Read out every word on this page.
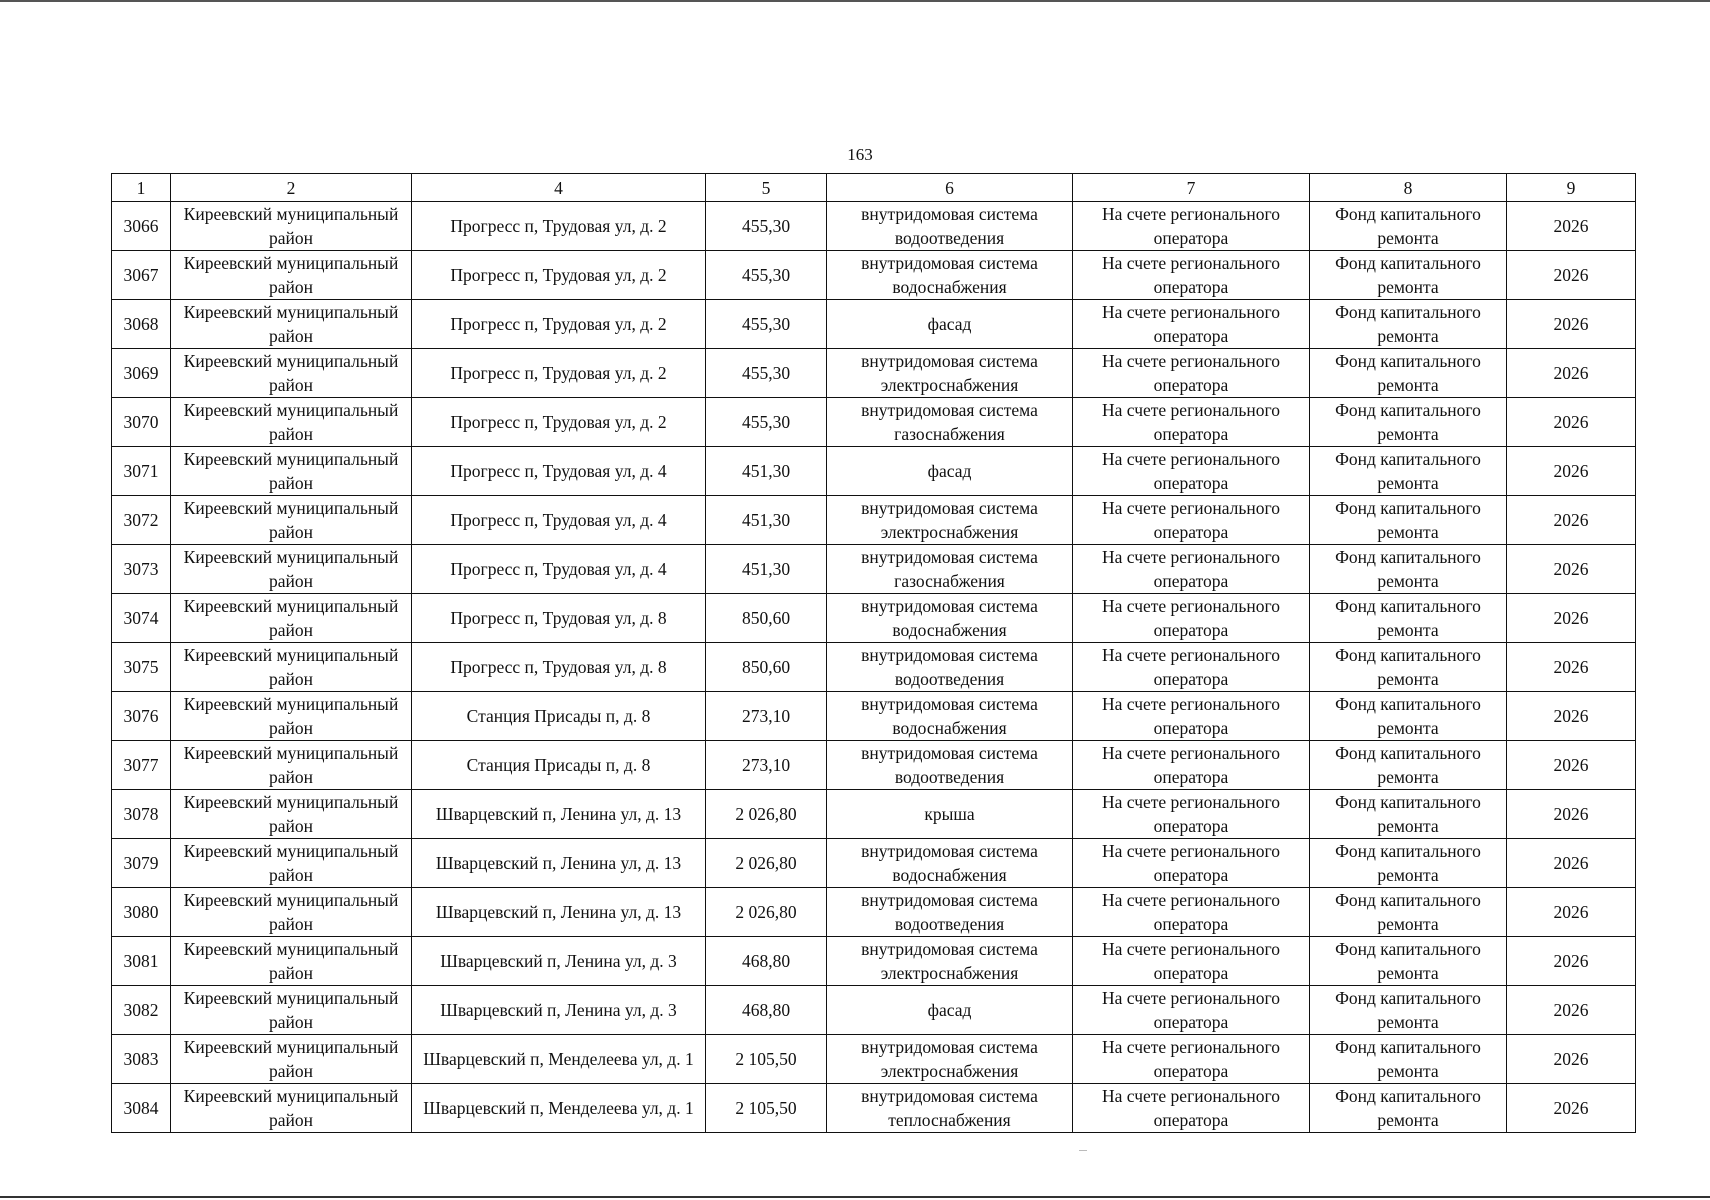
163
1	2	4	5	6	7	8	9
3066	Киреевский муниципальный район	Прогресс п, Трудовая ул, д. 2	455,30	внутридомовая система водоотведения	На счете регионального оператора	Фонд капитального ремонта	2026
3067	Киреевский муниципальный район	Прогресс п, Трудовая ул, д. 2	455,30	внутридомовая система водоснабжения	На счете регионального оператора	Фонд капитального ремонта	2026
3068	Киреевский муниципальный район	Прогресс п, Трудовая ул, д. 2	455,30	фасад	На счете регионального оператора	Фонд капитального ремонта	2026
3069	Киреевский муниципальный район	Прогресс п, Трудовая ул, д. 2	455,30	внутридомовая система электроснабжения	На счете регионального оператора	Фонд капитального ремонта	2026
3070	Киреевский муниципальный район	Прогресс п, Трудовая ул, д. 2	455,30	внутридомовая система газоснабжения	На счете регионального оператора	Фонд капитального ремонта	2026
3071	Киреевский муниципальный район	Прогресс п, Трудовая ул, д. 4	451,30	фасад	На счете регионального оператора	Фонд капитального ремонта	2026
3072	Киреевский муниципальный район	Прогресс п, Трудовая ул, д. 4	451,30	внутридомовая система электроснабжения	На счете регионального оператора	Фонд капитального ремонта	2026
3073	Киреевский муниципальный район	Прогресс п, Трудовая ул, д. 4	451,30	внутридомовая система газоснабжения	На счете регионального оператора	Фонд капитального ремонта	2026
3074	Киреевский муниципальный район	Прогресс п, Трудовая ул, д. 8	850,60	внутридомовая система водоснабжения	На счете регионального оператора	Фонд капитального ремонта	2026
3075	Киреевский муниципальный район	Прогресс п, Трудовая ул, д. 8	850,60	внутридомовая система водоотведения	На счете регионального оператора	Фонд капитального ремонта	2026
3076	Киреевский муниципальный район	Станция Присады п, д. 8	273,10	внутридомовая система водоснабжения	На счете регионального оператора	Фонд капитального ремонта	2026
3077	Киреевский муниципальный район	Станция Присады п, д. 8	273,10	внутридомовая система водоотведения	На счете регионального оператора	Фонд капитального ремонта	2026
3078	Киреевский муниципальный район	Шварцевский п, Ленина ул, д. 13	2 026,80	крыша	На счете регионального оператора	Фонд капитального ремонта	2026
3079	Киреевский муниципальный район	Шварцевский п, Ленина ул, д. 13	2 026,80	внутридомовая система водоснабжения	На счете регионального оператора	Фонд капитального ремонта	2026
3080	Киреевский муниципальный район	Шварцевский п, Ленина ул, д. 13	2 026,80	внутридомовая система водоотведения	На счете регионального оператора	Фонд капитального ремонта	2026
3081	Киреевский муниципальный район	Шварцевский п, Ленина ул, д. 3	468,80	внутридомовая система электроснабжения	На счете регионального оператора	Фонд капитального ремонта	2026
3082	Киреевский муниципальный район	Шварцевский п, Ленина ул, д. 3	468,80	фасад	На счете регионального оператора	Фонд капитального ремонта	2026
3083	Киреевский муниципальный район	Шварцевский п, Менделеева ул, д. 1	2 105,50	внутридомовая система электроснабжения	На счете регионального оператора	Фонд капитального ремонта	2026
3084	Киреевский муниципальный район	Шварцевский п, Менделеева ул, д. 1	2 105,50	внутридомовая система теплоснабжения	На счете регионального оператора	Фонд капитального ремонта	2026
